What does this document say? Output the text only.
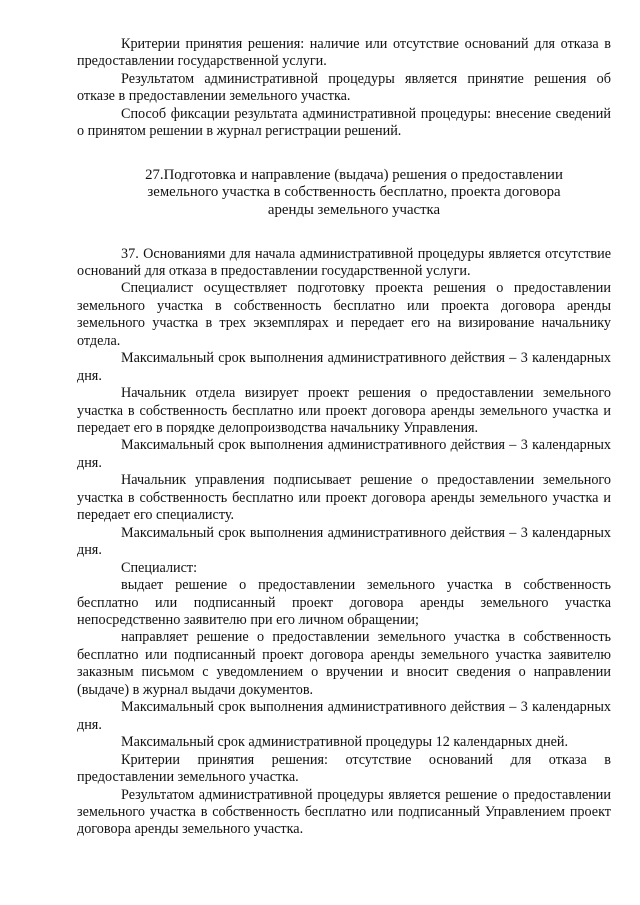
Критерии принятия решения: наличие или отсутствие оснований для отказа в предоставлении государственной услуги.

Результатом административной процедуры является принятие решения об отказе в предоставлении земельного участка.

Способ фиксации результата административной процедуры: внесение сведений о принятом решении в журнал регистрации решений.

27.Подготовка и направление (выдача) решения о предоставлении
земельного участка в собственность бесплатно, проекта договора
аренды земельного участка

37. Основаниями для начала административной процедуры является отсутствие оснований для отказа в предоставлении государственной услуги.

Специалист осуществляет подготовку проекта решения о предоставлении земельного участка в собственность бесплатно или проекта договора аренды земельного участка в трех экземплярах и передает его на визирование начальнику отдела.

Максимальный срок выполнения административного действия – 3 календарных дня.

Начальник отдела визирует проект решения о предоставлении земельного участка в собственность бесплатно или проект договора аренды земельного участка и передает его в порядке делопроизводства начальнику Управления.

Максимальный срок выполнения административного действия – 3 календарных дня.

Начальник управления подписывает решение о предоставлении земельного участка в собственность бесплатно или проект договора аренды земельного участка и передает его специалисту.

Максимальный срок выполнения административного действия – 3 календарных дня.

Специалист:

выдает решение о предоставлении земельного участка в собственность бесплатно или подписанный проект договора аренды земельного участка непосредственно заявителю при его личном обращении;

направляет решение о предоставлении земельного участка в собственность бесплатно или подписанный проект договора аренды земельного участка заявителю заказным письмом с уведомлением о вручении и вносит сведения о направлении (выдаче) в журнал выдачи документов.

Максимальный срок выполнения административного действия – 3 календарных дня.

Максимальный срок административной процедуры 12 календарных дней.

Критерии принятия решения: отсутствие оснований для отказа в предоставлении земельного участка.

Результатом административной процедуры является решение о предоставлении земельного участка в собственность бесплатно или подписанный Управлением проект договора аренды земельного участка.
